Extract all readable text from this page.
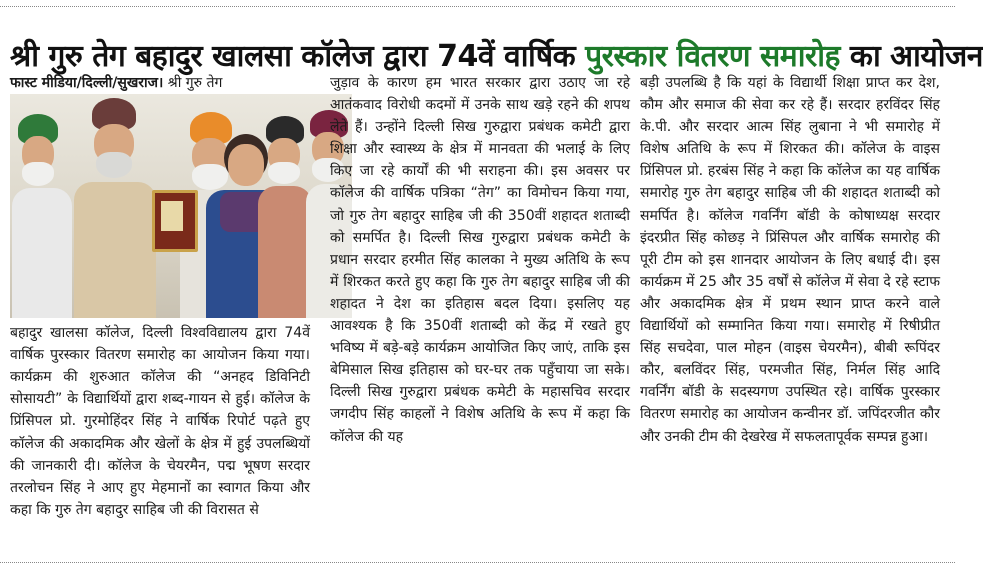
श्री गुरु तेग बहादुर खालसा कॉलेज द्वारा 74वें वार्षिक पुरस्कार वितरण समारोह का आयोजन

फास्ट मीडिया/दिल्ली/सुखराज। श्री गुरु तेग

बहादुर खालसा कॉलेज, दिल्ली विश्वविद्यालय द्वारा 74वें वार्षिक पुरस्कार वितरण समारोह का आयोजन किया गया। कार्यक्रम की शुरुआत कॉलेज की “अनहद डिविनिटी सोसायटी” के विद्यार्थियों द्वारा शब्द-गायन से हुई। कॉलेज के प्रिंसिपल प्रो. गुरमोहिंदर सिंह ने वार्षिक रिपोर्ट पढ़ते हुए कॉलेज की अकादमिक और खेलों के क्षेत्र में हुई उपलब्धियों की जानकारी दी। कॉलेज के चेयरमैन, पद्म भूषण सरदार तरलोचन सिंह ने आए हुए मेहमानों का स्वागत किया और कहा कि गुरु तेग बहादुर साहिब जी की विरासत से

जुड़ाव के कारण हम भारत सरकार द्वारा उठाए जा रहे आतंकवाद विरोधी कदमों में उनके साथ खड़े रहने की शपथ लेते हैं। उन्होंने दिल्ली सिख गुरुद्वारा प्रबंधक कमेटी द्वारा शिक्षा और स्वास्थ्य के क्षेत्र में मानवता की भलाई के लिए किए जा रहे कार्यों की भी सराहना की। इस अवसर पर कॉलेज की वार्षिक पत्रिका “तेग” का विमोचन किया गया, जो गुरु तेग बहादुर साहिब जी की 350वीं शहादत शताब्दी को समर्पित है। दिल्ली सिख गुरुद्वारा प्रबंधक कमेटी के प्रधान सरदार हरमीत सिंह कालका ने मुख्य अतिथि के रूप में शिरकत करते हुए कहा कि गुरु तेग बहादुर साहिब जी की शहादत ने देश का इतिहास बदल दिया। इसलिए यह आवश्यक है कि 350वीं शताब्दी को केंद्र में रखते हुए भविष्य में बड़े-बड़े कार्यक्रम आयोजित किए जाएं, ताकि इस बेमिसाल सिख इतिहास को घर-घर तक पहुँचाया जा सके। दिल्ली सिख गुरुद्वारा प्रबंधक कमेटी के महासचिव सरदार जगदीप सिंह काहलों ने विशेष अतिथि के रूप में कहा कि कॉलेज की यह

बड़ी उपलब्धि है कि यहां के विद्यार्थी शिक्षा प्राप्त कर देश, कौम और समाज की सेवा कर रहे हैं। सरदार हरविंदर सिंह के.पी. और सरदार आत्म सिंह लुबाना ने भी समारोह में विशेष अतिथि के रूप में शिरकत की। कॉलेज के वाइस प्रिंसिपल प्रो. हरबंस सिंह ने कहा कि कॉलेज का यह वार्षिक समारोह गुरु तेग बहादुर साहिब जी की शहादत शताब्दी को समर्पित है। कॉलेज गवर्निंग बॉडी के कोषाध्यक्ष सरदार इंदरप्रीत सिंह कोछड़ ने प्रिंसिपल और वार्षिक समारोह की पूरी टीम को इस शानदार आयोजन के लिए बधाई दी। इस कार्यक्रम में 25 और 35 वर्षों से कॉलेज में सेवा दे रहे स्टाफ और अकादमिक क्षेत्र में प्रथम स्थान प्राप्त करने वाले विद्यार्थियों को सम्मानित किया गया। समारोह में रिषीप्रीत सिंह सचदेवा, पाल मोहन (वाइस चेयरमैन), बीबी रूपिंदर कौर, बलविंदर सिंह, परमजीत सिंह, निर्मल सिंह आदि गवर्निंग बॉडी के सदस्यगण उपस्थित रहे। वार्षिक पुरस्कार वितरण समारोह का आयोजन कन्वीनर डॉ. जपिंदरजीत कौर और उनकी टीम की देखरेख में सफलतापूर्वक सम्पन्न हुआ।
